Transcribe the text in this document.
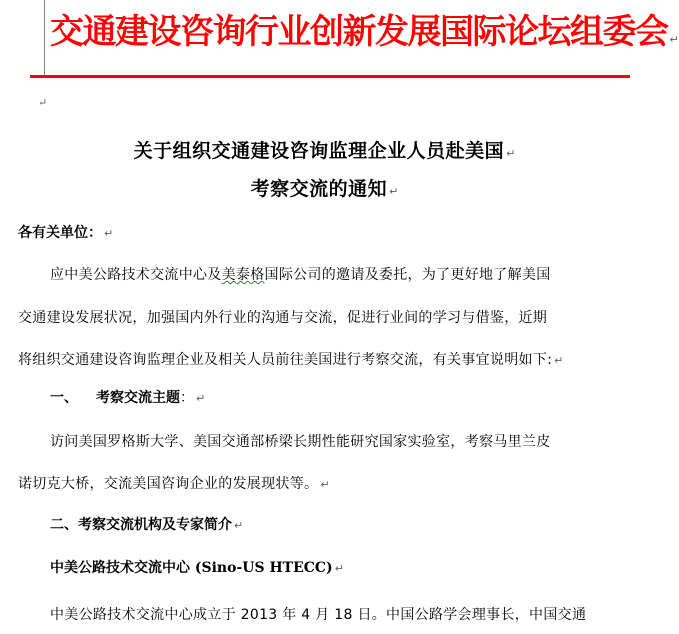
交通建设咨询行业创新发展国际论坛组委会 ↵
↵
关于组织交通建设咨询监理企业人员赴美国 ↵
考察交流的通知 ↵
各有关单位： ↵
应中美公路技术交流中心及美泰格国际公司的邀请及委托，为了更好地了解美国
交通建设发展状况，加强国内外行业的沟通与交流，促进行业间的学习与借鉴，近期
将组织交通建设咨询监理企业及相关人员前往美国进行考察交流，有关事宜说明如下: ↵
一、 考察交流主题： ↵
访问美国罗格斯大学、美国交通部桥梁长期性能研究国家实验室，考察马里兰皮
诺切克大桥，交流美国咨询企业的发展现状等。 ↵
二、考察交流机构及专家简介 ↵
中美公路技术交流中心 (Sino-US HTECC) ↵
中美公路技术交流中心成立于 2013 年 4 月 18 日。中国公路学会理事长，中国交通
